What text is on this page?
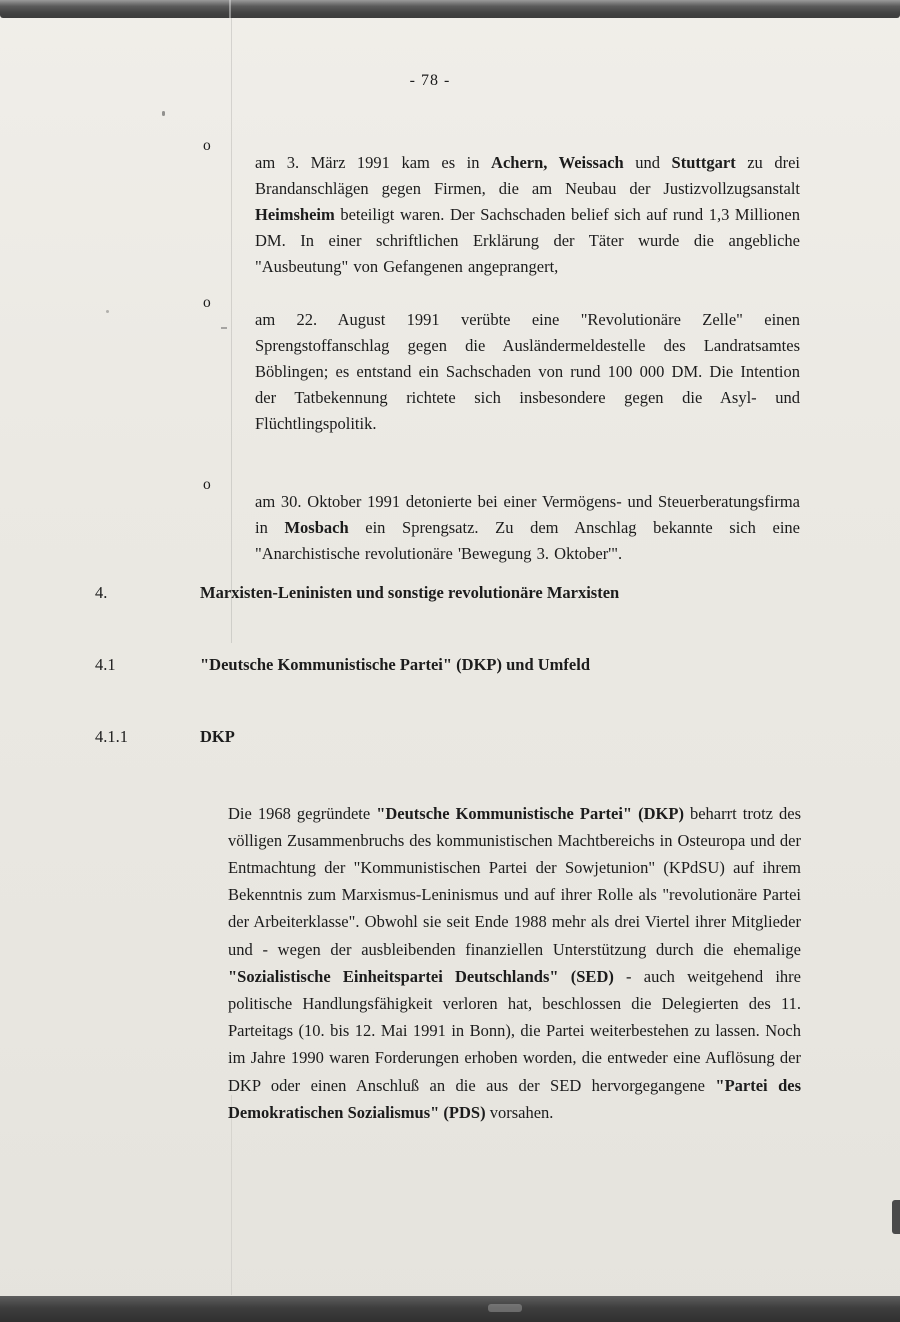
- 78 -
o

am 3. März 1991 kam es in Achern, Weissach und Stuttgart zu drei Brandanschlägen gegen Firmen, die am Neubau der Justizvollzugsanstalt Heimsheim beteiligt waren. Der Sachschaden belief sich auf rund 1,3 Millionen DM. In einer schriftlichen Erklärung der Täter wurde die angebliche "Ausbeutung" von Gefangenen angeprangert,

o

am 22. August 1991 verübte eine "Revolutionäre Zelle" einen Sprengstoffanschlag gegen die Ausländermeldestelle des Landratsamtes Böblingen; es entstand ein Sachschaden von rund 100 000 DM. Die Intention der Tatbekennung richtete sich insbesondere gegen die Asyl- und Flüchtlingspolitik.

o

am 30. Oktober 1991 detonierte bei einer Vermögens- und Steuerberatungsfirma in Mosbach ein Sprengsatz. Zu dem Anschlag bekannte sich eine "Anarchistische revolutionäre 'Bewegung 3. Oktober'".

4.	Marxisten-Leninisten und sonstige revolutionäre Marxisten
4.1	"Deutsche Kommunistische Partei" (DKP) und Umfeld
4.1.1	DKP

Die 1968 gegründete "Deutsche Kommunistische Partei" (DKP) beharrt trotz des völligen Zusammenbruchs des kommunistischen Machtbereichs in Osteuropa und der Entmachtung der "Kommunistischen Partei der Sowjetunion" (KPdSU) auf ihrem Bekenntnis zum Marxismus-Leninismus und auf ihrer Rolle als "revolutionäre Partei der Arbeiterklasse". Obwohl sie seit Ende 1988 mehr als drei Viertel ihrer Mitglieder und - wegen der ausbleibenden finanziellen Unterstützung durch die ehemalige "Sozialistische Einheitspartei Deutschlands" (SED) - auch weitgehend ihre politische Handlungsfähigkeit verloren hat, beschlossen die Delegierten des 11. Parteitags (10. bis 12. Mai 1991 in Bonn), die Partei weiterbestehen zu lassen. Noch im Jahre 1990 waren Forderungen erhoben worden, die entweder eine Auflösung der DKP oder einen Anschluß an die aus der SED hervorgegangene "Partei des Demokratischen Sozialismus" (PDS) vorsahen.
